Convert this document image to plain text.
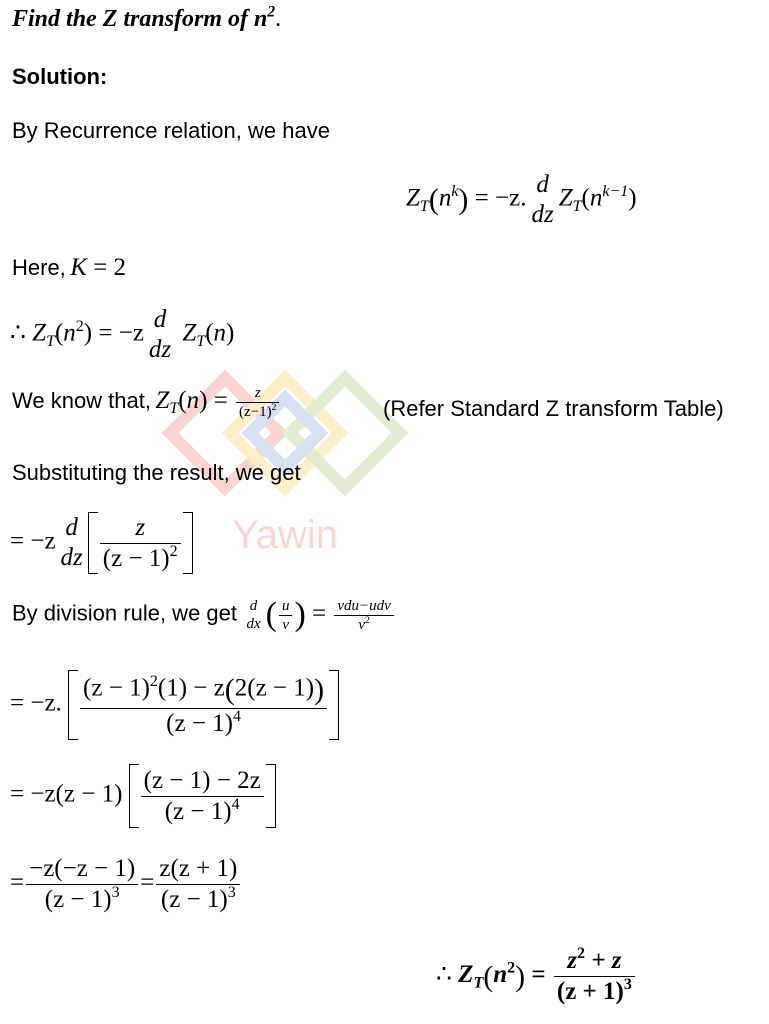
Yawin
Find the Z transform of $n^2$.
Solution:
By Recurrence relation, we have
$Z_T(n^k) = -z$.
d
dz
$Z_T(n^{k-1})$
Here, K = 2
∴ $Z_T(n^2) = -z$
d
dz
$Z_T(n)$
We know that, $Z_T(n) = \frac{z}{(z-1)^2}$	(Refer Standard Z transform Table)
Substituting the result, we get
= −z
d
dz $\frac{z}{(z - 1)^2}$
By division rule, we get d
dx ( $\frac{u}{v}$ ) = $\frac{\text{vdu−udv}}{v^2}$
= −z. $\frac{(z - 1)^2(1) - z(2(z - 1))}{(z - 1)^4}$
= $-z(z - 1) \frac{(z - 1) - 2z}{(z - 1)^4}$
= $\frac{-z(-z - 1)}{(z - 1)^3} = \frac{z(z + 1)}{(z - 1)^3}$
∴ $Z_T(n^2) = \frac{z^2 + z}{(z + 1)^3}$
